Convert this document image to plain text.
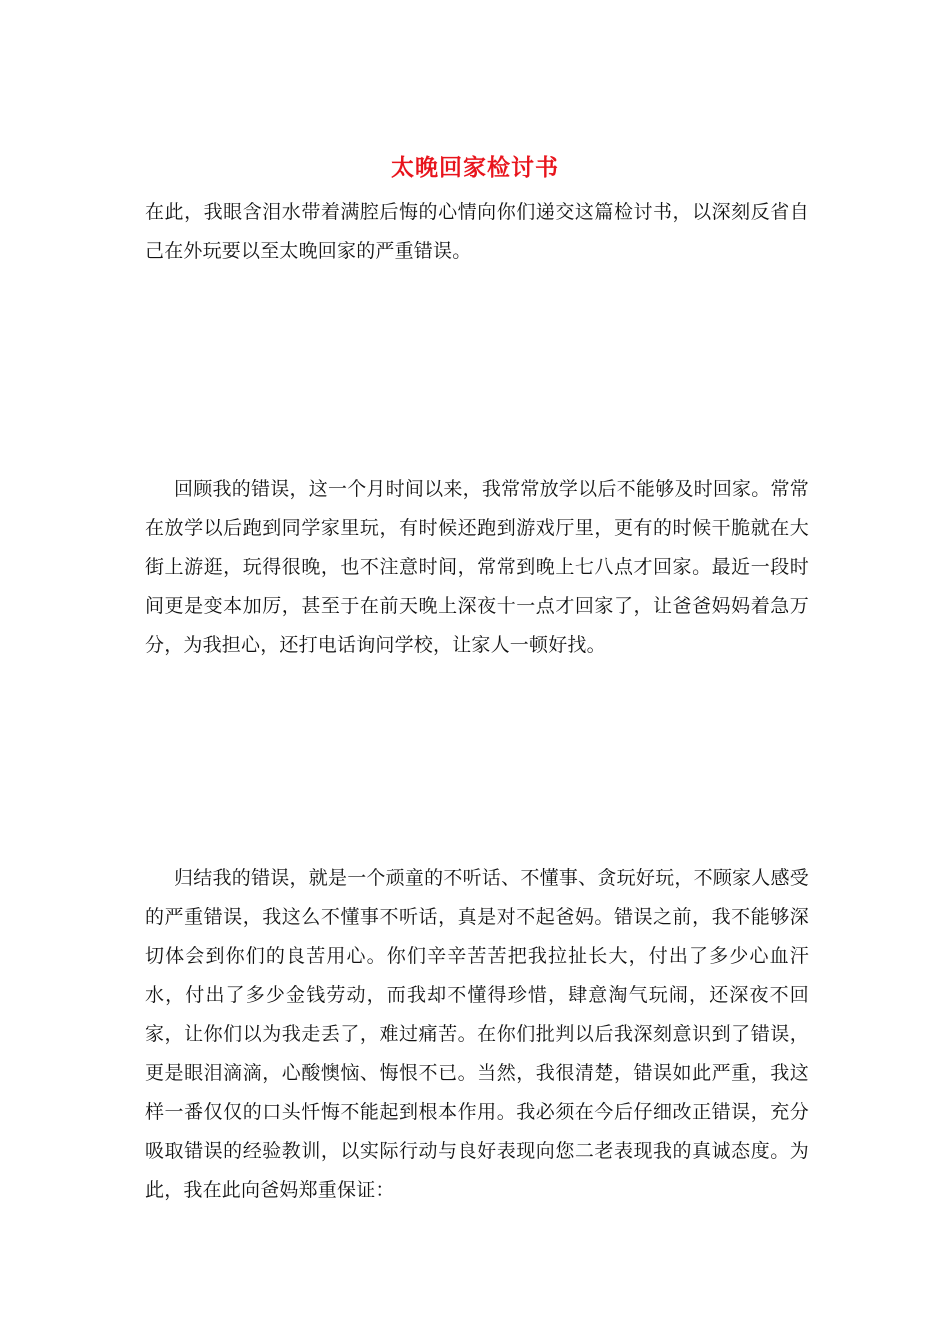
太晚回家检讨书

在此，我眼含泪水带着满腔后悔的心情向你们递交这篇检讨书，以深刻反省自己在外玩要以至太晚回家的严重错误。

回顾我的错误，这一个月时间以来，我常常放学以后不能够及时回家。常常在放学以后跑到同学家里玩，有时候还跑到游戏厅里，更有的时候干脆就在大街上游逛，玩得很晚，也不注意时间，常常到晚上七八点才回家。最近一段时间更是变本加厉，甚至于在前天晚上深夜十一点才回家了，让爸爸妈妈着急万分，为我担心，还打电话询问学校，让家人一顿好找。

归结我的错误，就是一个顽童的不听话、不懂事、贪玩好玩，不顾家人感受的严重错误，我这么不懂事不听话，真是对不起爸妈。错误之前，我不能够深切体会到你们的良苦用心。你们辛辛苦苦把我拉扯长大，付出了多少心血汗水，付出了多少金钱劳动，而我却不懂得珍惜，肆意淘气玩闹，还深夜不回家，让你们以为我走丢了，难过痛苦。在你们批判以后我深刻意识到了错误，更是眼泪滴滴，心酸懊恼、悔恨不已。当然，我很清楚，错误如此严重，我这样一番仅仅的口头忏悔不能起到根本作用。我必须在今后仔细改正错误，充分吸取错误的经验教训，以实际行动与良好表现向您二老表现我的真诚态度。为此，我在此向爸妈郑重保证：
